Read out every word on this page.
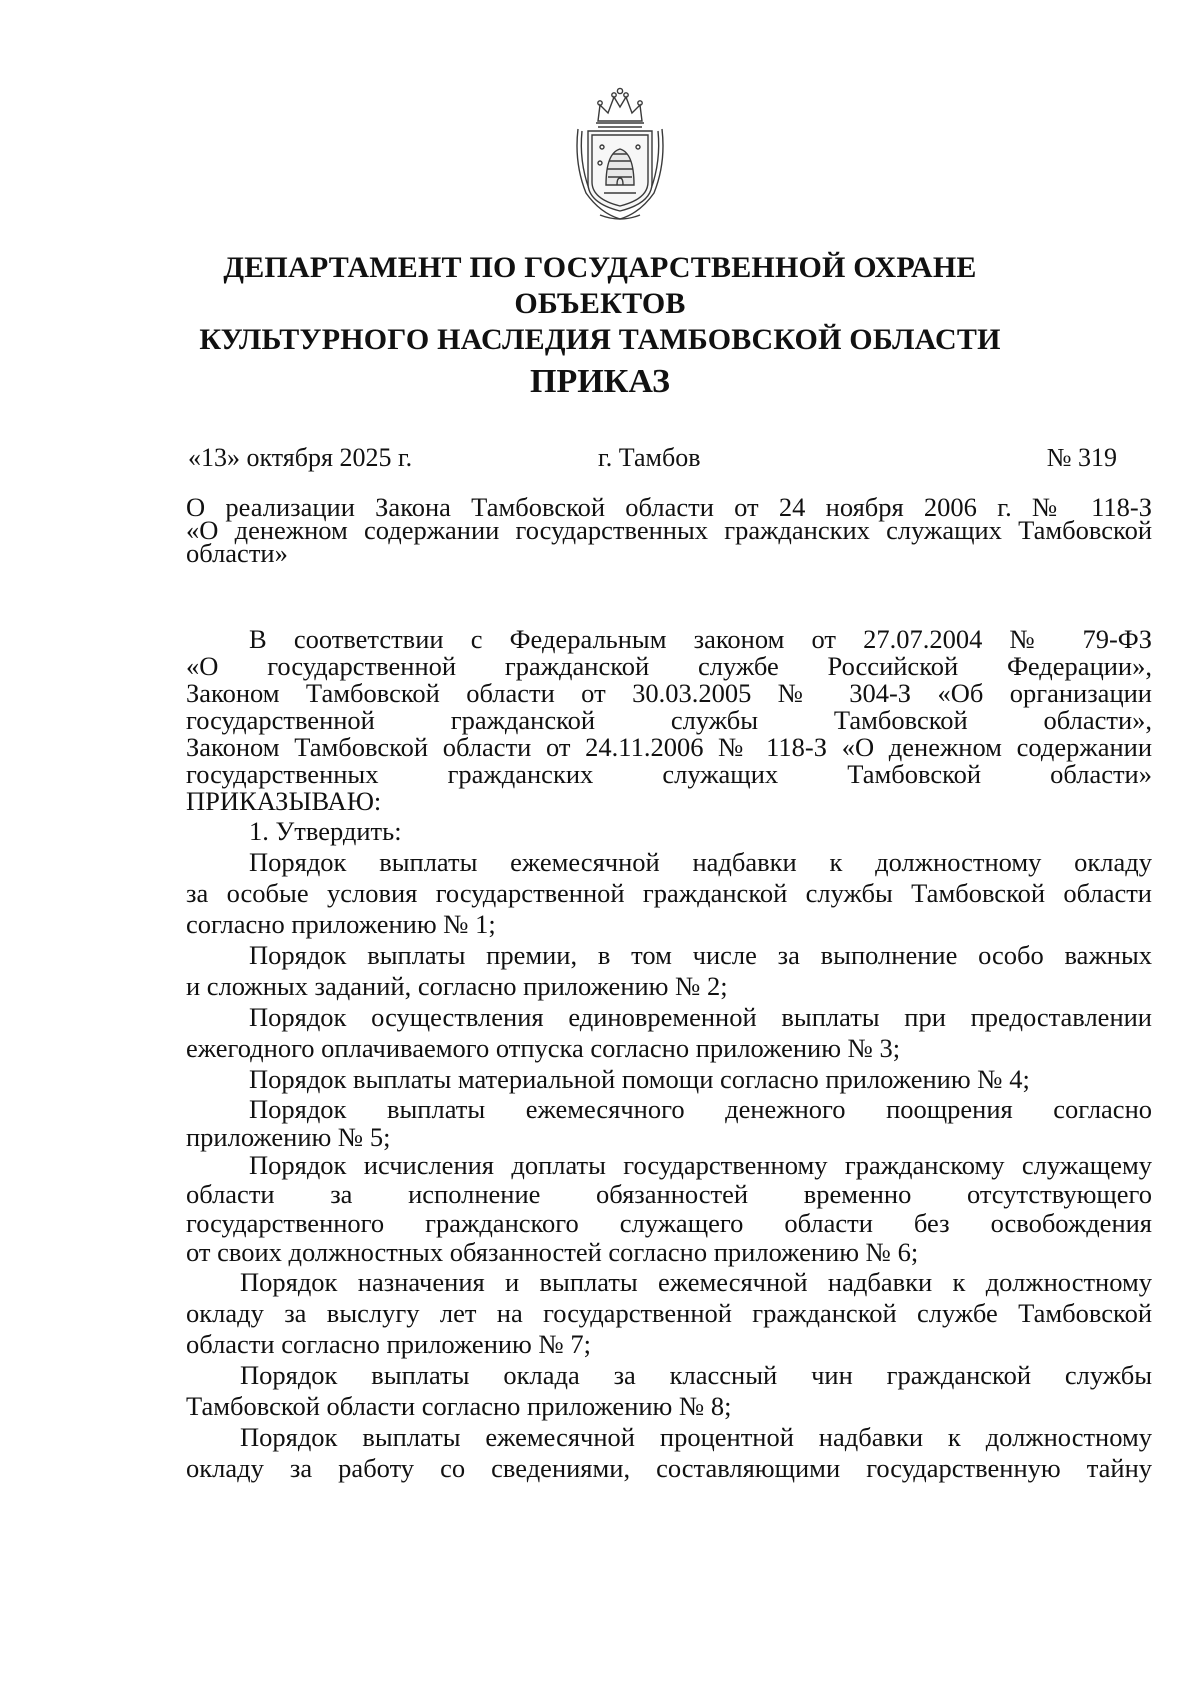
ДЕПАРТАМЕНТ ПО ГОСУДАРСТВЕННОЙ ОХРАНЕ ОБЪЕКТОВ
КУЛЬТУРНОГО НАСЛЕДИЯ ТАМБОВСКОЙ ОБЛАСТИ
ПРИКАЗ
«13» октября 2025 г.	г. Тамбов	№ 319
О реализации Закона Тамбовской области от 24 ноября 2006 г. № 118-З
«О денежном содержании государственных гражданских служащих Тамбовской
области»
В соответствии с Федеральным законом от 27.07.2004 № 79-ФЗ
«О государственной гражданской службе Российской Федерации»,
Законом Тамбовской области от 30.03.2005 № 304-З «Об организации
государственной гражданской службы Тамбовской области»,
Законом Тамбовской области от 24.11.2006 № 118-З «О денежном содержании
государственных гражданских служащих Тамбовской области»
ПРИКАЗЫВАЮ:
1. Утвердить:
Порядок выплаты ежемесячной надбавки к должностному окладу
за особые условия государственной гражданской службы Тамбовской области
согласно приложению № 1;
Порядок выплаты премии, в том числе за выполнение особо важных
и сложных заданий, согласно приложению № 2;
Порядок осуществления единовременной выплаты при предоставлении
ежегодного оплачиваемого отпуска согласно приложению № 3;
Порядок выплаты материальной помощи согласно приложению № 4;
Порядок выплаты ежемесячного денежного поощрения согласно
приложению № 5;
Порядок исчисления доплаты государственному гражданскому служащему
области за исполнение обязанностей временно отсутствующего
государственного гражданского служащего области без освобождения
от своих должностных обязанностей согласно приложению № 6;
Порядок назначения и выплаты ежемесячной надбавки к должностному
окладу за выслугу лет на государственной гражданской службе Тамбовской
области согласно приложению № 7;
Порядок выплаты оклада за классный чин гражданской службы
Тамбовской области согласно приложению № 8;
Порядок выплаты ежемесячной процентной надбавки к должностному
окладу за работу со сведениями, составляющими государственную тайну
